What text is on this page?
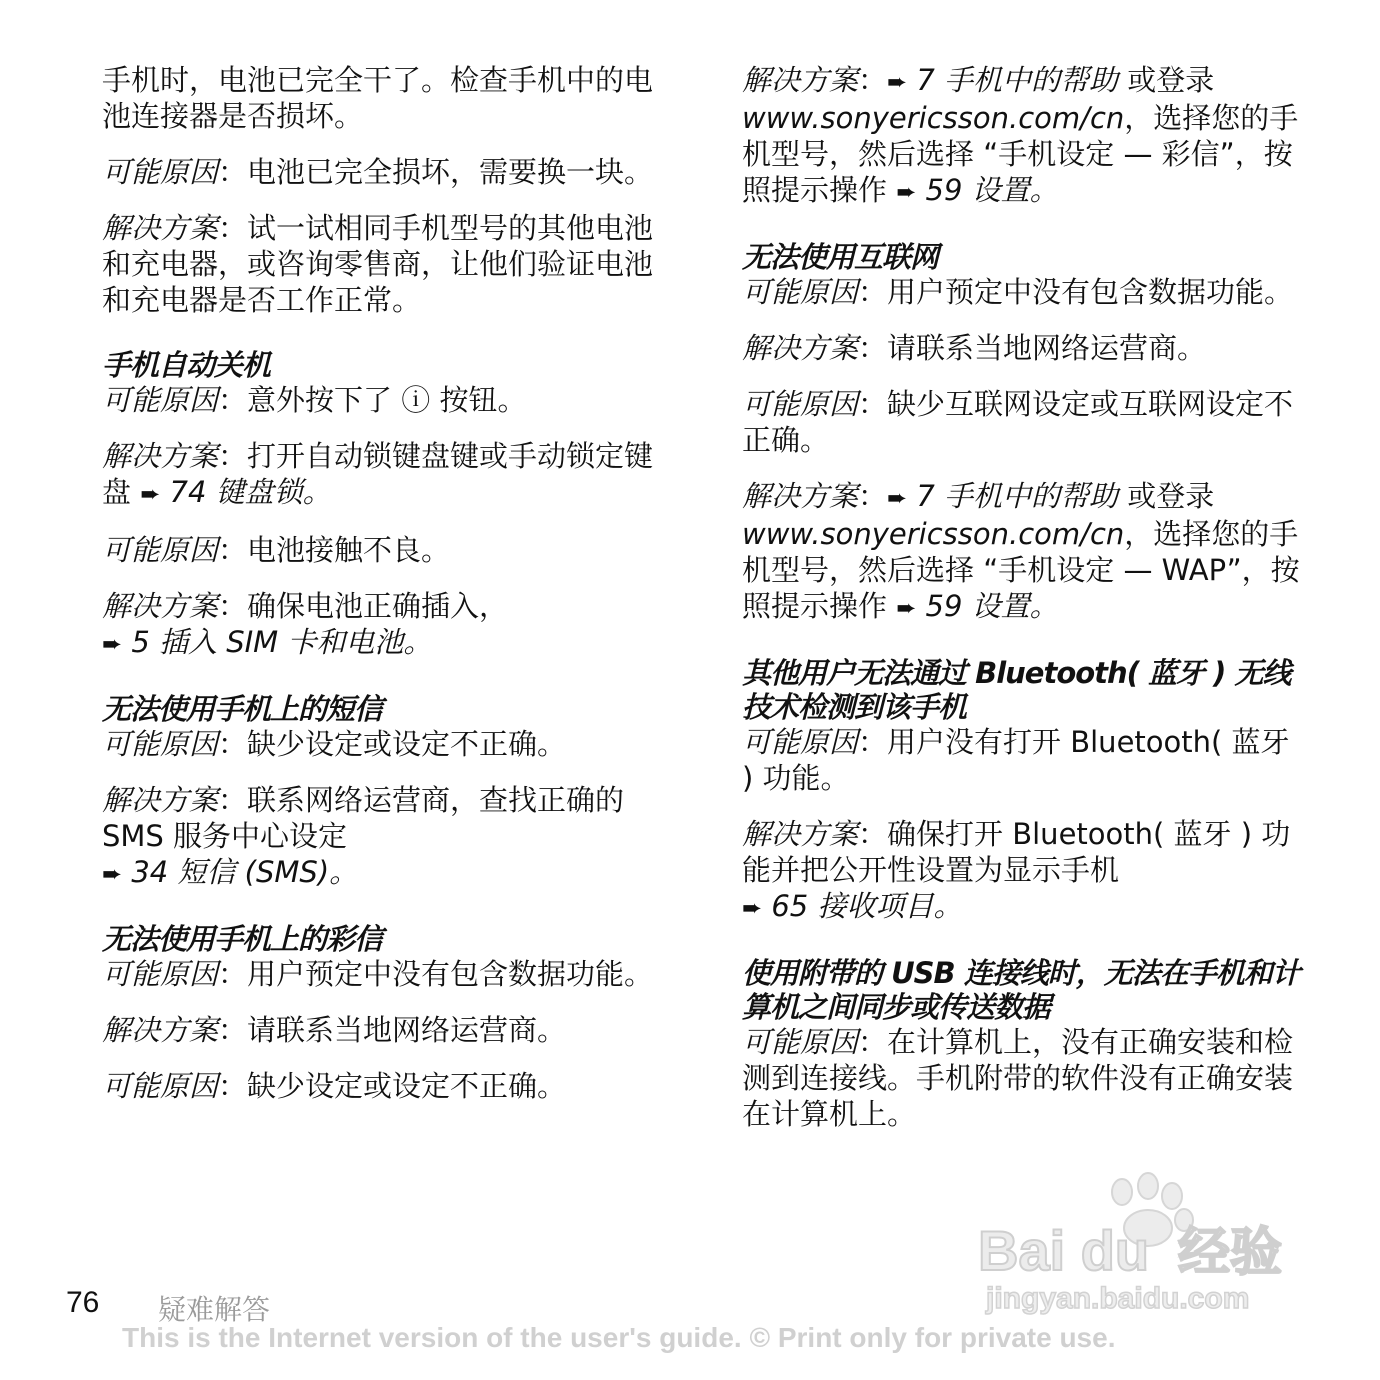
手机时，电池已完全干了。检查手机中的电池连接器是否损坏。

可能原因：电池已完全损坏，需要换一块。

解决方案：试一试相同手机型号的其他电池和充电器，或咨询零售商，让他们验证电池和充电器是否工作正常。

手机自动关机

可能原因：意外按下了 ⓘ 按钮。

解决方案：打开自动锁键盘键或手动锁定键盘 ➨ 74 键盘锁。

可能原因：电池接触不良。

解决方案：确保电池正确插入，
➨ 5 插入 SIM 卡和电池。

无法使用手机上的短信

可能原因：缺少设定或设定不正确。

解决方案：联系网络运营商，查找正确的 SMS 服务中心设定
➨ 34 短信 (SMS)。

无法使用手机上的彩信

可能原因：用户预定中没有包含数据功能。

解决方案：请联系当地网络运营商。

可能原因：缺少设定或设定不正确。

解决方案：➨ 7 手机中的帮助 或登录 www.sonyericsson.com/cn，选择您的手机型号，然后选择 “手机设定 — 彩信”，按照提示操作 ➨ 59 设置。

无法使用互联网

可能原因：用户预定中没有包含数据功能。

解决方案：请联系当地网络运营商。

可能原因：缺少互联网设定或互联网设定不正确。

解决方案：➨ 7 手机中的帮助 或登录 www.sonyericsson.com/cn，选择您的手机型号，然后选择 “手机设定 — WAP”，按照提示操作 ➨ 59 设置。

其他用户无法通过 Bluetooth( 蓝牙 ) 无线技术检测到该手机

可能原因：用户没有打开 Bluetooth( 蓝牙 ) 功能。

解决方案：确保打开 Bluetooth( 蓝牙 ) 功能并把公开性设置为显示手机
➨ 65 接收项目。

使用附带的 USB 连接线时，无法在手机和计算机之间同步或传送数据

可能原因：在计算机上，没有正确安装和检测到连接线。手机附带的软件没有正确安装在计算机上。

Bai du 经验
jingyan.baidu.com
76 疑难解答
This is the Internet version of the user's guide. © Print only for private use.
